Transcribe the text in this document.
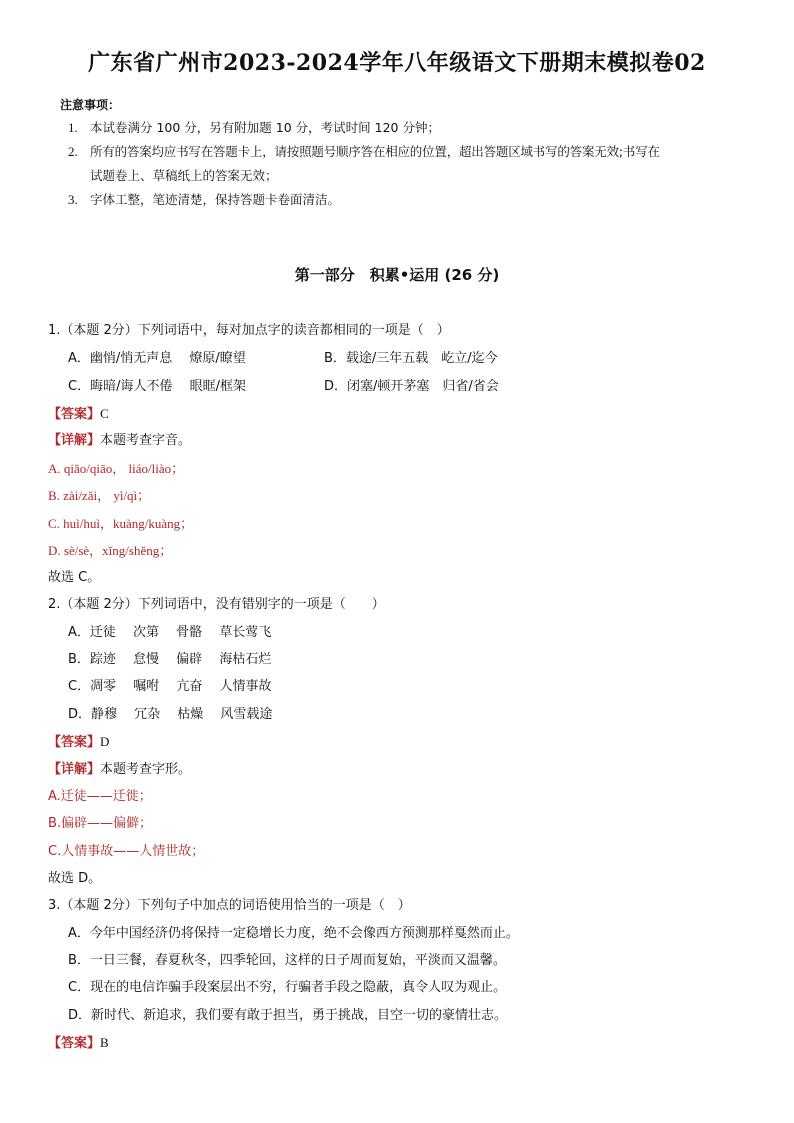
广东省广州市2023-2024学年八年级语文下册期末模拟卷02
注意事项：
1. 本试卷满分 100 分，另有附加题 10 分，考试时间 120 分钟；
2. 所有的答案均应书写在答题卡上，请按照题号顺序答在相应的位置，超出答题区域书写的答案无效;书写在
试题卷上、草稿纸上的答案无效；
3. 字体工整，笔迹清楚，保持答题卡卷面清洁。
第一部分　积累•运用 (26 分)
1.（本题 2分）下列词语中，每对加点字的读音都相同的一项是（　）
A．幽悄/悄无声息　 燎原/瞭望	B．载途/三年五载　屹立/迄今
C．晦暗/诲人不倦　 眼眶/框架	D．闭塞/顿开茅塞　归省/省会
【答案】C
【详解】本题考查字音。
A. qiǎo/qiāo， liáo/liào；
B. zài/zǎi， yì/qì；
C. huì/huì，kuàng/kuàng；
D. sè/sè，xǐng/shěng；
故选 C。
2.（本题 2分）下列词语中，没有错别字的一项是（　　）
A．迁徒　 次第　 骨骼　 草长莺飞
B．踪迹　 怠慢　 偏辟　 海枯石烂
C．凋零　 嘱咐　 亢奋　 人情事故
D．静穆　 冗杂　 枯燥　 风雪载途
【答案】D
【详解】本题考查字形。
A.迁徒——迁徙；
B.偏辟——偏僻；
C.人情事故——人情世故；
故选 D。
3.（本题 2分）下列句子中加点的词语使用恰当的一项是（　）
A．今年中国经济仍将保持一定稳增长力度，绝不会像西方预测那样戛然而止。
B．一日三餐，春夏秋冬，四季轮回，这样的日子周而复始，平淡而又温馨。
C．现在的电信诈骗手段案层出不穷，行骗者手段之隐蔽，真令人叹为观止。
D．新时代、新追求，我们要有敢于担当，勇于挑战，目空一切的豪情壮志。
【答案】B
